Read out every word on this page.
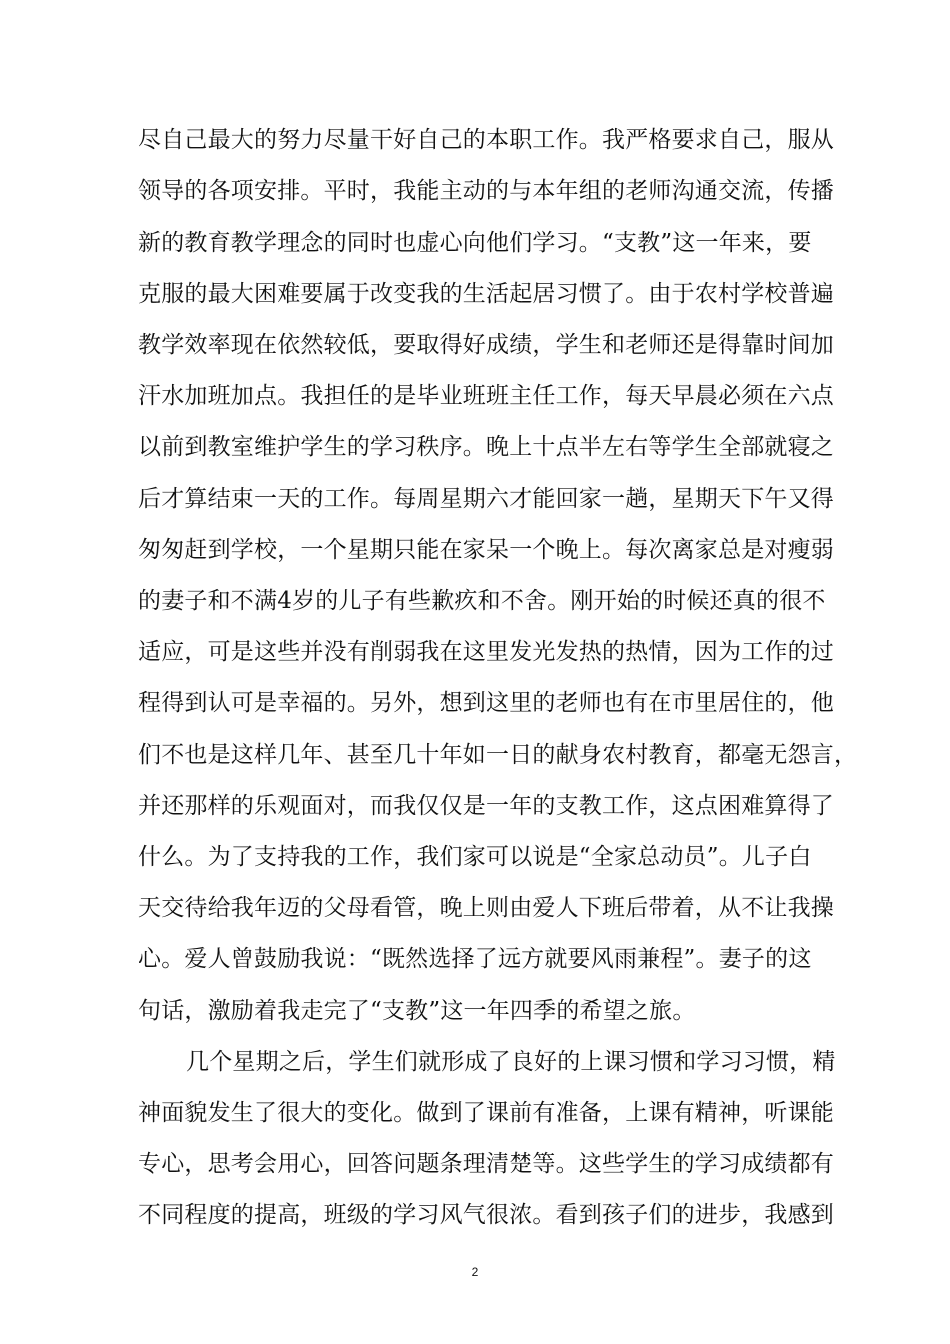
尽自己最大的努力尽量干好自己的本职工作。我严格要求自己，服从
领导的各项安排。平时，我能主动的与本年组的老师沟通交流，传播
新的教育教学理念的同时也虚心向他们学习。“支教”这一年来，要
克服的最大困难要属于改变我的生活起居习惯了。由于农村学校普遍
教学效率现在依然较低，要取得好成绩，学生和老师还是得靠时间加
汗水加班加点。我担任的是毕业班班主任工作，每天早晨必须在六点
以前到教室维护学生的学习秩序。晚上十点半左右等学生全部就寝之
后才算结束一天的工作。每周星期六才能回家一趟，星期天下午又得
匆匆赶到学校，一个星期只能在家呆一个晚上。每次离家总是对瘦弱
的妻子和不满4岁的儿子有些歉疚和不舍。刚开始的时候还真的很不
适应，可是这些并没有削弱我在这里发光发热的热情，因为工作的过
程得到认可是幸福的。另外，想到这里的老师也有在市里居住的，他
们不也是这样几年、甚至几十年如一日的献身农村教育，都毫无怨言，
并还那样的乐观面对，而我仅仅是一年的支教工作，这点困难算得了
什么。为了支持我的工作，我们家可以说是“全家总动员”。儿子白
天交待给我年迈的父母看管，晚上则由爱人下班后带着，从不让我操
心。爱人曾鼓励我说：“既然选择了远方就要风雨兼程”。妻子的这
句话，激励着我走完了“支教”这一年四季的希望之旅。
几个星期之后，学生们就形成了良好的上课习惯和学习习惯，精
神面貌发生了很大的变化。做到了课前有准备，上课有精神，听课能
专心，思考会用心，回答问题条理清楚等。这些学生的学习成绩都有
不同程度的提高，班级的学习风气很浓。看到孩子们的进步，我感到
2
